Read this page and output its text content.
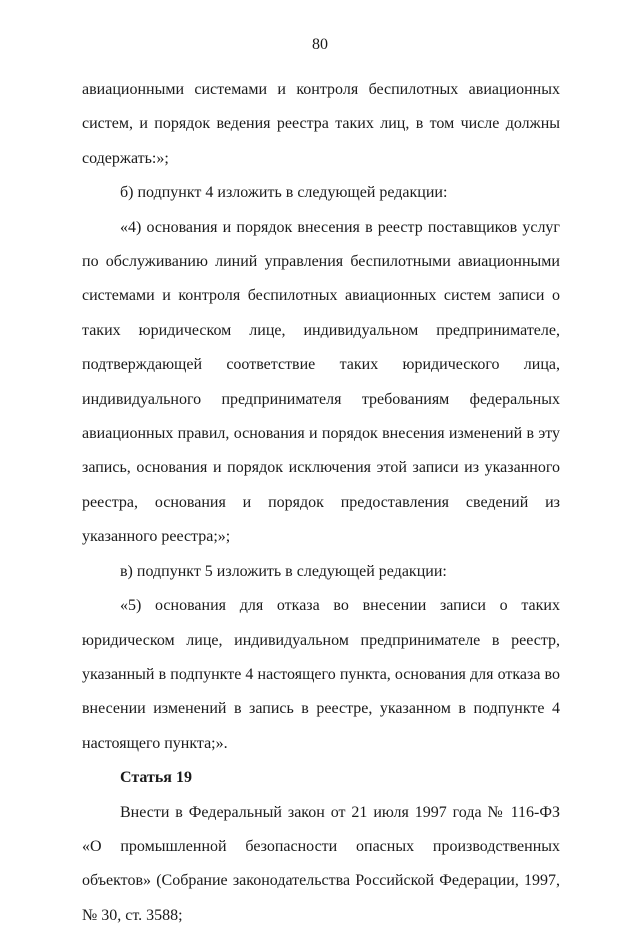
80

авиационными системами и контроля беспилотных авиационных систем, и порядок ведения реестра таких лиц, в том числе должны содержать:»;

б) подпункт 4 изложить в следующей редакции:

«4) основания и порядок внесения в реестр поставщиков услуг по обслуживанию линий управления беспилотными авиационными системами и контроля беспилотных авиационных систем записи о таких юридическом лице, индивидуальном предпринимателе, подтверждающей соответствие таких юридического лица, индивидуального предпринимателя требованиям федеральных авиационных правил, основания и порядок внесения изменений в эту запись, основания и порядок исключения этой записи из указанного реестра, основания и порядок предоставления сведений из указанного реестра;»;

в) подпункт 5 изложить в следующей редакции:

«5) основания для отказа во внесении записи о таких юридическом лице, индивидуальном предпринимателе в реестр, указанный в подпункте 4 настоящего пункта, основания для отказа во внесении изменений в запись в реестре, указанном в подпункте 4 настоящего пункта;».

Статья 19

Внести в Федеральный закон от 21 июля 1997 года № 116-ФЗ «О промышленной безопасности опасных производственных объектов» (Собрание законодательства Российской Федерации, 1997, № 30, ст. 3588;
